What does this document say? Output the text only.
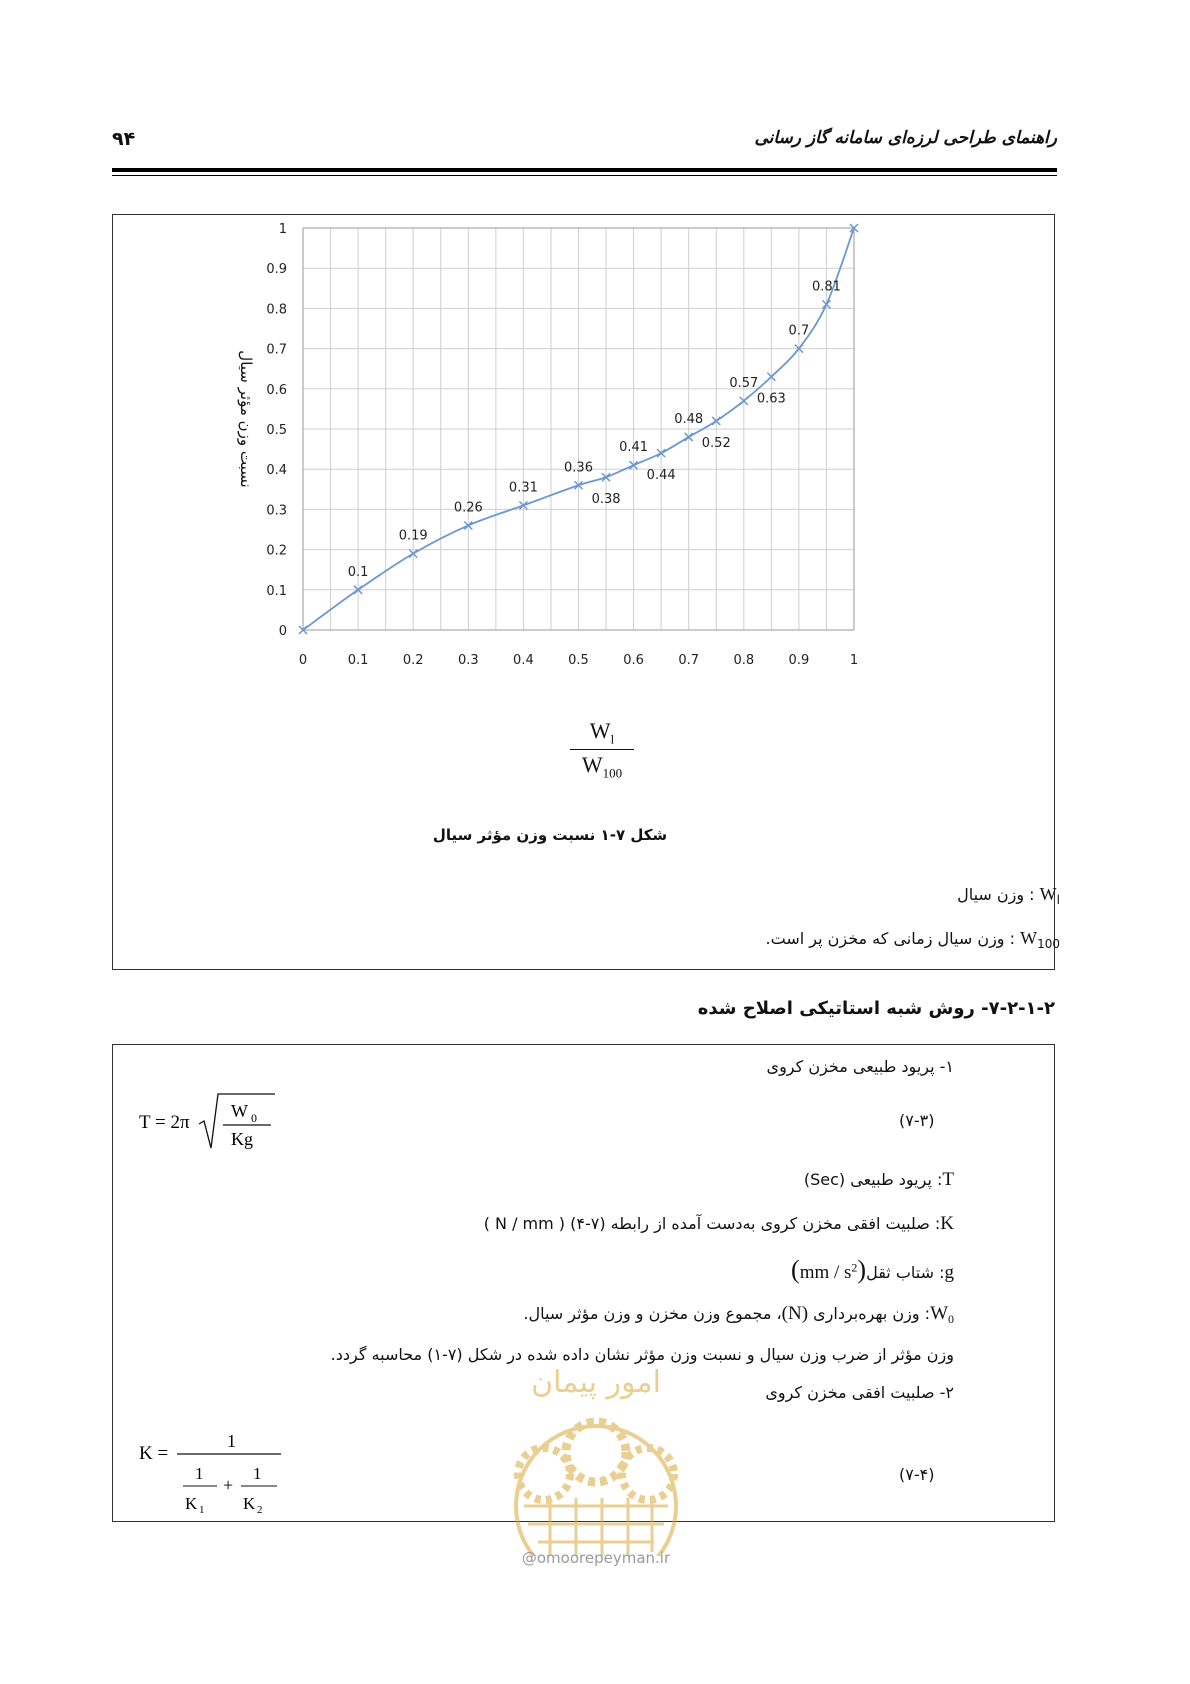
۹۴	راهنمای طراحی لرزه‌ای سامانه گاز رسانی
0
0.1
0.2
0.3
0.4
0.5
0.6
0.7
0.8
0.9
1
0	0.1	0.2	0.3	0.4	0.5	0.6	0.7	0.8	0.9	1
نسبت وزن مؤثر سیال
0.1
0.19
0.26
0.31
0.36
0.38
0.41
0.44
0.48
0.52
0.57
0.63
0.7
0.81
$W_l$
$W_{100}$
شکل ۷-۱ نسبت وزن مؤثر سیال
$W_l$ : وزن سیال
$W_{100}$ : وزن سیال زمانی که مخزن پر است.
۷-۲-۱-۲- روش شبه استاتیکی اصلاح شده
۱- پریود طبیعی مخزن کروی
T = 2π
W 0
Kg
(۷-۳)
T: پریود طبیعی (Sec)
K: صلبیت افقی مخزن کروی به‌دست آمده از رابطه (۷-۴) ( N / mm )
g: شتاب ثقل(mm / $s^2$)
$W_0$: وزن بهره‌برداری (N)، مجموع وزن مخزن و وزن مؤثر سیال.
وزن مؤثر از ضرب وزن سیال و نسبت وزن مؤثر نشان داده شده در شکل (۷-۱) محاسبه گردد.
۲- صلبیت افقی مخزن کروی
K =
1
1
K 1
+
1
K 2
(۷-۴)
امور پیمان
@omoorepeyman.ir
